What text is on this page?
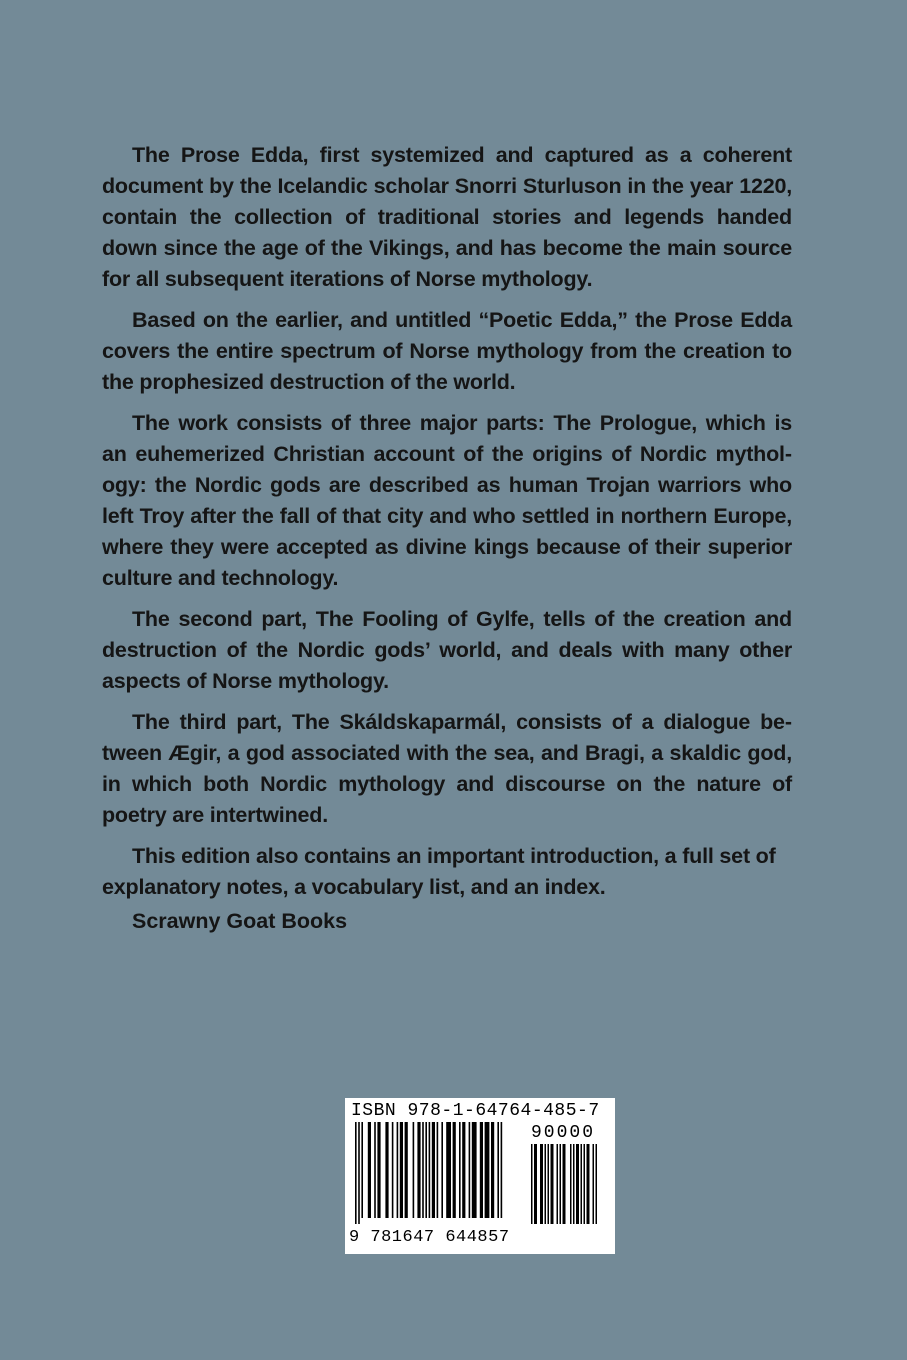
The Prose Edda, first systemized and captured as a coherent document by the Icelandic scholar Snorri Sturluson in the year 1220, contain the collection of traditional stories and legends handed down since the age of the Vikings, and has become the main source for all subsequent iterations of Norse mythology.

Based on the earlier, and untitled “Poetic Edda,” the Prose Edda covers the entire spectrum of Norse mythology from the creation to the prophesized destruction of the world.

The work consists of three major parts: The Prologue, which is an euhemerized Christian account of the origins of Nordic mythology: the Nordic gods are described as human Trojan warriors who left Troy after the fall of that city and who settled in northern Europe, where they were accepted as divine kings because of their superior culture and technology.

The second part, The Fooling of Gylfe, tells of the creation and destruction of the Nordic gods’ world, and deals with many other aspects of Norse mythology.

The third part, The Skáldskaparmál, consists of a dialogue between Ægir, a god associated with the sea, and Bragi, a skaldic god, in which both Nordic mythology and discourse on the nature of poetry are intertwined.

This edition also contains an important introduction, a full set of explanatory notes, a vocabulary list, and an index.

Scrawny Goat Books
ISBN 978-1-64764-485-7
90000
9 781647 644857
